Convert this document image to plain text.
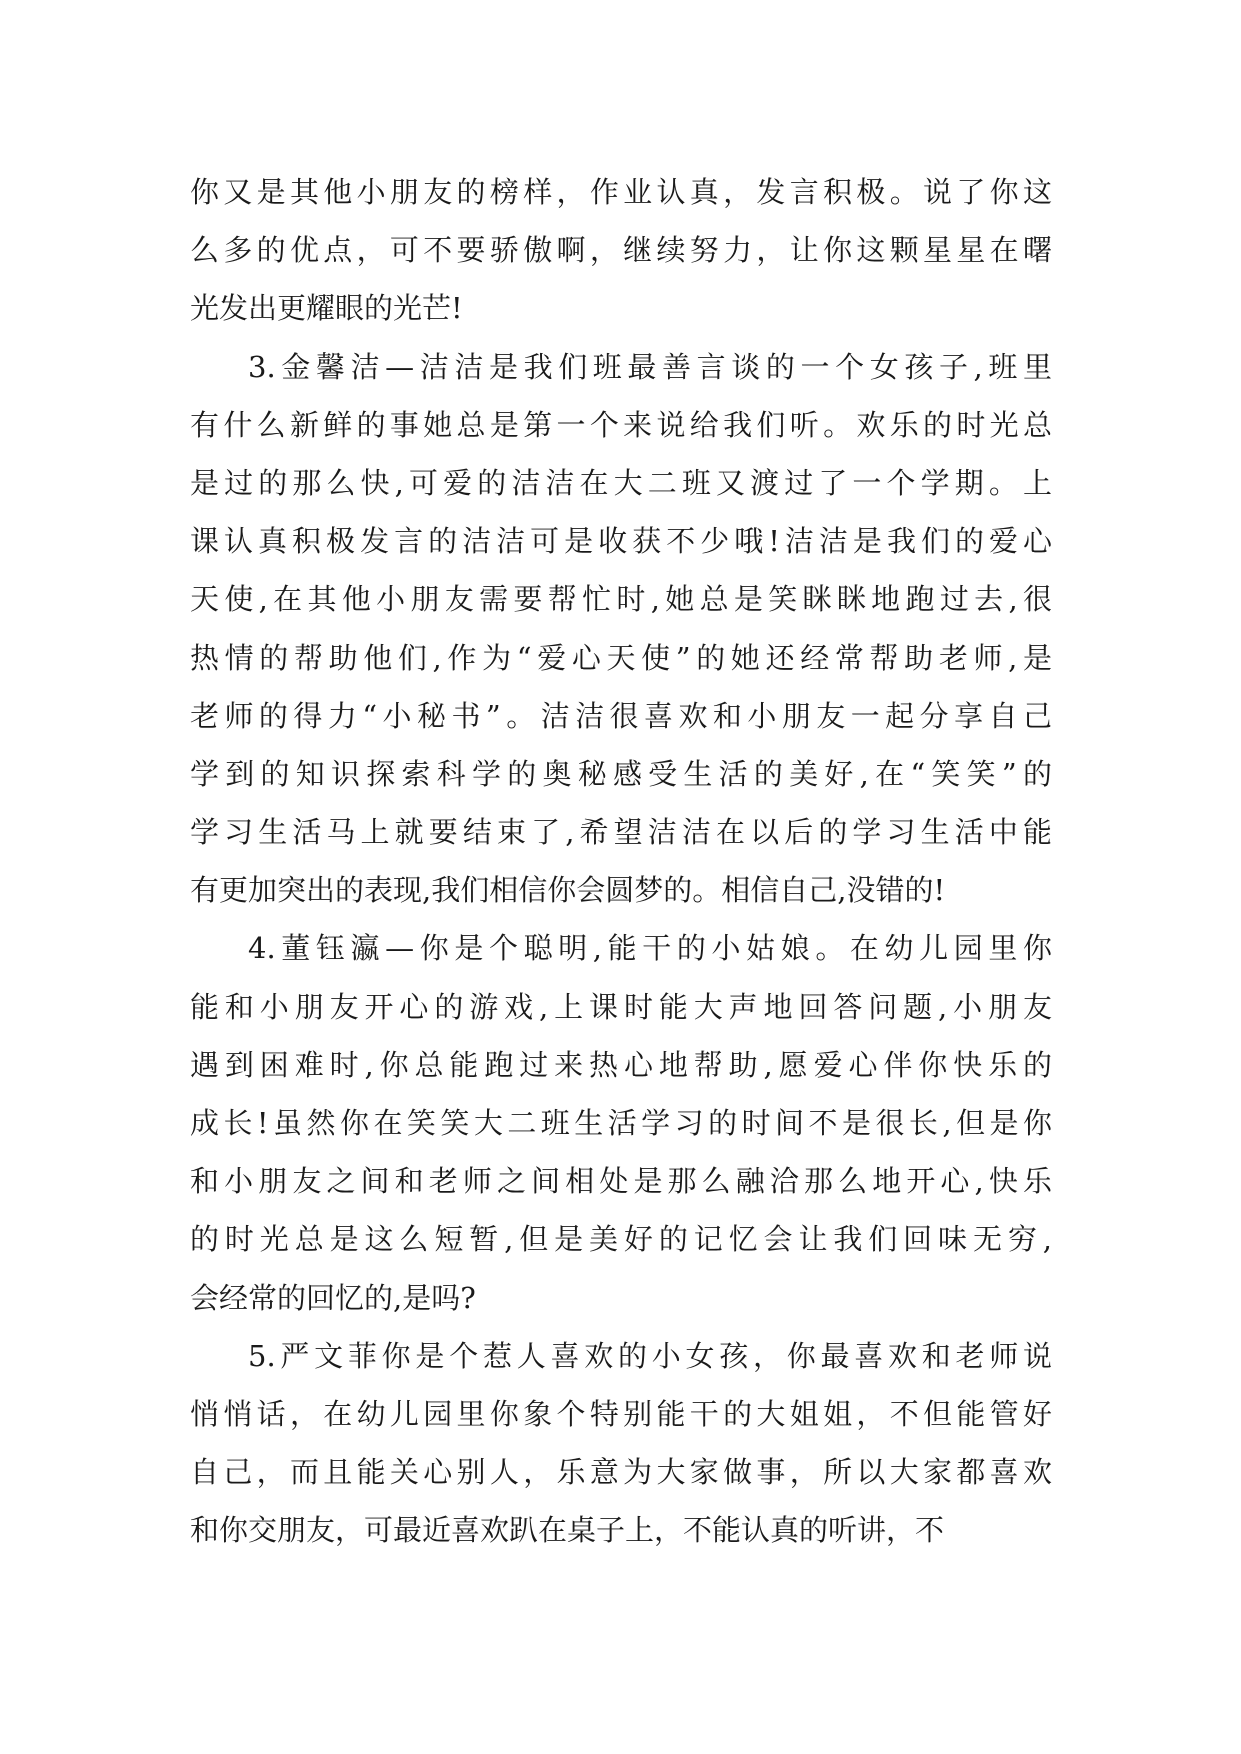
你又是其他小朋友的榜样，作业认真，发言积极。说了你这
么多的优点，可不要骄傲啊，继续努力，让你这颗星星在曙
光发出更耀眼的光芒!
3.金馨洁—洁洁是我们班最善言谈的一个女孩子,班里
有什么新鲜的事她总是第一个来说给我们听。欢乐的时光总
是过的那么快,可爱的洁洁在大二班又渡过了一个学期。上
课认真积极发言的洁洁可是收获不少哦!洁洁是我们的爱心
天使,在其他小朋友需要帮忙时,她总是笑眯眯地跑过去,很
热情的帮助他们,作为“爱心天使”的她还经常帮助老师,是
老师的得力“小秘书”。洁洁很喜欢和小朋友一起分享自己
学到的知识探索科学的奥秘感受生活的美好,在“笑笑”的
学习生活马上就要结束了,希望洁洁在以后的学习生活中能
有更加突出的表现,我们相信你会圆梦的。相信自己,没错的!
4.董钰瀛—你是个聪明,能干的小姑娘。在幼儿园里你
能和小朋友开心的游戏,上课时能大声地回答问题,小朋友
遇到困难时,你总能跑过来热心地帮助,愿爱心伴你快乐的
成长!虽然你在笑笑大二班生活学习的时间不是很长,但是你
和小朋友之间和老师之间相处是那么融洽那么地开心,快乐
的时光总是这么短暂,但是美好的记忆会让我们回味无穷,
会经常的回忆的,是吗?
5.严文菲你是个惹人喜欢的小女孩，你最喜欢和老师说
悄悄话，在幼儿园里你象个特别能干的大姐姐，不但能管好
自己，而且能关心别人，乐意为大家做事，所以大家都喜欢
和你交朋友，可最近喜欢趴在桌子上，不能认真的听讲，不
